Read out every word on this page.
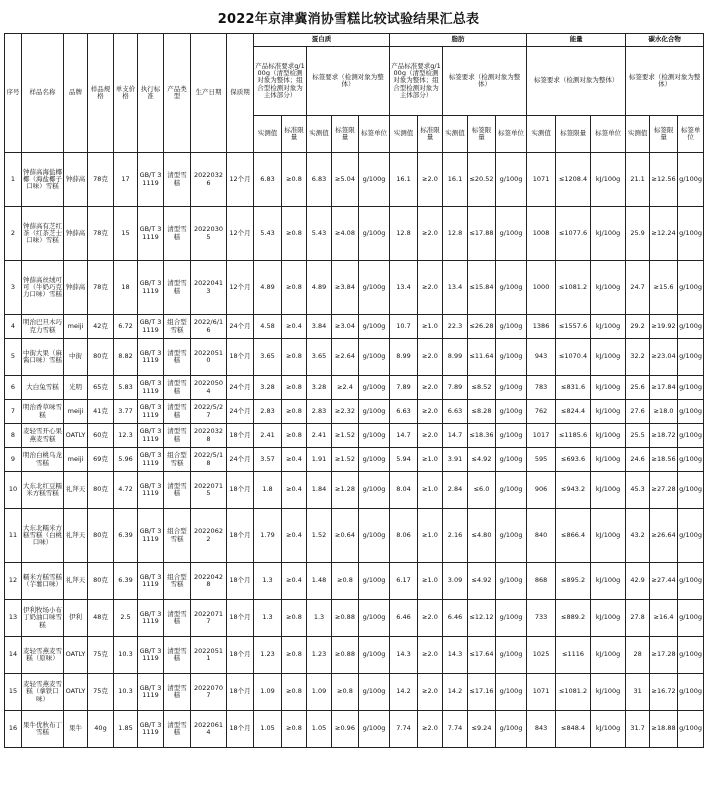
2022年京津冀消协雪糕比较试验结果汇总表
序号	样品名称	品牌	样品规格	单支价格	执行标准	产品类型	生产日期	保质期	蛋白质					脂肪					能量			碳水化合物		
									产品标准要求g/100g（清型检测对象为整体；组合型检测对象为主体部分）		标签要求（检测对象为整体）			产品标准要求g/100g（清型检测对象为整体；组合型检测对象为主体部分）		标签要求（检测对象为整体）			标签要求（检测对象为整体）			标签要求（检测对象为整体）		
									实测值	标准限量	实测值	标签限量	标签单位	实测值	标准限量	实测值	标签限量	标签单位	实测值	标签限量	标签单位	实测值	标签限量	标签单位
1	钟薛高海盐椰椰（海盐椰子口味）雪糕	钟薛高	78克	17	GB/T 31119	清型雪糕	20220326	12个月	6.83	≥0.8	6.83	≥5.04	g/100g	16.1	≥2.0	16.1	≤20.52	g/100g	1071	≤1208.4	kJ/100g	21.1	≥12.56	g/100g
2	钟薛高有芝红茶（红茶芝士口味）雪糕	钟薛高	78克	15	GB/T 31119	清型雪糕	20220305	12个月	5.43	≥0.8	5.43	≥4.08	g/100g	12.8	≥2.0	12.8	≤17.88	g/100g	1008	≤1077.6	kJ/100g	25.9	≥12.24	g/100g
3	钟薛高丝绒可可（牛奶巧克力口味）雪糕	钟薛高	78克	18	GB/T 31119	清型雪糕	20220413	12个月	4.89	≥0.8	4.89	≥3.84	g/100g	13.4	≥2.0	13.4	≤15.84	g/100g	1000	≤1081.2	kJ/100g	24.7	≥15.6	g/100g
4	明治巴旦木巧克力雪糕	meiji	42克	6.72	GB/T 31119	组合型雪糕	2022/6/16	24个月	4.58	≥0.4	3.84	≥3.04	g/100g	10.7	≥1.0	22.3	≤26.28	g/100g	1386	≤1557.6	kJ/100g	29.2	≥19.92	g/100g
5	中街大果（麻酱口味）雪糕	中街	80克	8.82	GB/T 31119	清型雪糕	20220510	18个月	3.65	≥0.8	3.65	≥2.64	g/100g	8.99	≥2.0	8.99	≤11.64	g/100g	943	≤1070.4	kJ/100g	32.2	≥23.04	g/100g
6	大白兔雪糕	光明	65克	5.83	GB/T 31119	清型雪糕	20220504	24个月	3.28	≥0.8	3.28	≥2.4	g/100g	7.89	≥2.0	7.89	≤8.52	g/100g	783	≤831.6	kJ/100g	25.6	≥17.84	g/100g
7	明治香草味雪糕	meiji	41克	3.77	GB/T 31119	清型雪糕	2022/5/27	24个月	2.83	≥0.8	2.83	≥2.32	g/100g	6.63	≥2.0	6.63	≤8.28	g/100g	762	≤824.4	kJ/100g	27.6	≥18.0	g/100g
8	麦轻雪开心果燕麦雪糕	OATLY	60克	12.3	GB/T 31119	清型雪糕	20220328	18个月	2.41	≥0.8	2.41	≥1.52	g/100g	14.7	≥2.0	14.7	≤18.36	g/100g	1017	≤1185.6	kJ/100g	25.5	≥18.72	g/100g
9	明治白桃乌龙雪糕	meiji	69克	5.96	GB/T 31119	组合型雪糕	2022/5/18	24个月	3.57	≥0.4	1.91	≥1.52	g/100g	5.94	≥1.0	3.91	≤4.92	g/100g	595	≤693.6	kJ/100g	24.6	≥18.56	g/100g
10	大东北红豆糯米方糕雪糕	礼拜天	80克	4.72	GB/T 31119	清型雪糕	20220715	18个月	1.8	≥0.4	1.84	≥1.28	g/100g	8.04	≥1.0	2.84	≤6.0	g/100g	906	≤943.2	kJ/100g	45.3	≥27.28	g/100g
11	大东北糯米方糕雪糕（白桃口味）	礼拜天	80克	6.39	GB/T 31119	组合型雪糕	20220622	18个月	1.79	≥0.4	1.52	≥0.64	g/100g	8.06	≥1.0	2.16	≤4.80	g/100g	840	≤866.4	kJ/100g	43.2	≥26.64	g/100g
12	糯米方糕雪糕（芋薯口味）	礼拜天	80克	6.39	GB/T 31119	组合型雪糕	20220428	18个月	1.3	≥0.4	1.48	≥0.8	g/100g	6.17	≥1.0	3.09	≤4.92	g/100g	868	≤895.2	kJ/100g	42.9	≥27.44	g/100g
13	伊利牧场小布丁奶油口味雪糕	伊利	48克	2.5	GB/T 31119	清型雪糕	20220717	18个月	1.3	≥0.8	1.3	≥0.88	g/100g	6.46	≥2.0	6.46	≤12.12	g/100g	733	≤889.2	kJ/100g	27.8	≥16.4	g/100g
14	麦轻雪燕麦雪糕（原味）	OATLY	75克	10.3	GB/T 31119	清型雪糕	20220511	18个月	1.23	≥0.8	1.23	≥0.88	g/100g	14.3	≥2.0	14.3	≤17.64	g/100g	1025	≤1116	kJ/100g	28	≥17.28	g/100g
15	麦轻雪燕麦雪糕（拿铁口味）	OATLY	75克	10.3	GB/T 31119	清型雪糕	20220707	18个月	1.09	≥0.8	1.09	≥0.8	g/100g	14.2	≥2.0	14.2	≤17.16	g/100g	1071	≤1081.2	kJ/100g	31	≥16.72	g/100g
16	果牛优秋布丁雪糕	果牛	40g	1.85	GB/T 31119	清型雪糕	20220614	18个月	1.05	≥0.8	1.05	≥0.96	g/100g	7.74	≥2.0	7.74	≤9.24	g/100g	843	≤848.4	kJ/100g	31.7	≥18.88	g/100g
